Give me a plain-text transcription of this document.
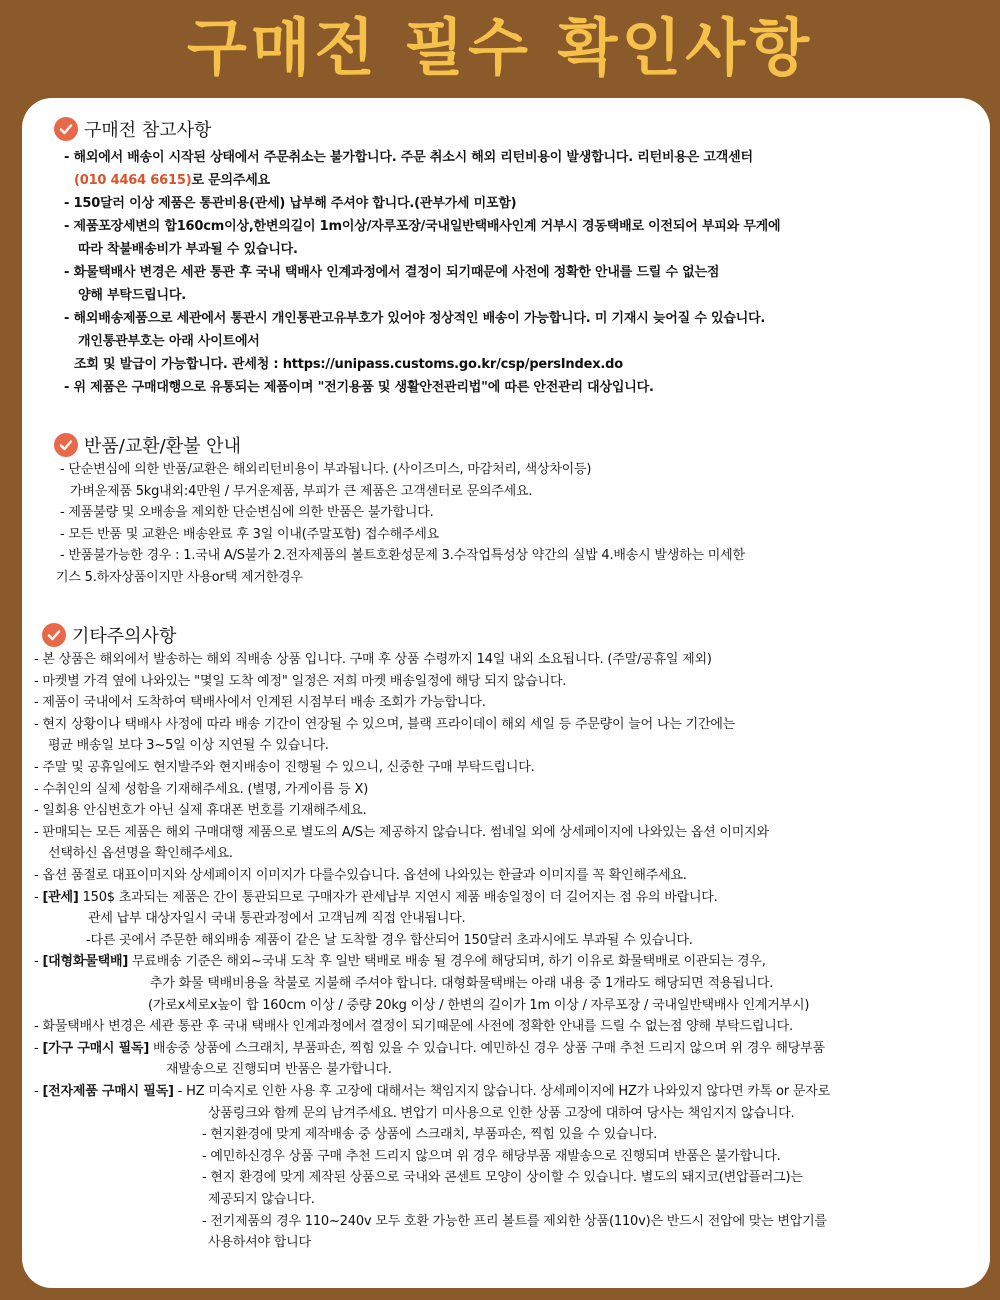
구매전 필수 확인사항
구매전 참고사항
- 해외에서 배송이 시작된 상태에서 주문취소는 불가합니다. 주문 취소시 해외 리턴비용이 발생합니다. 리턴비용은 고객센터
(010 4464 6615)로 문의주세요
- 150달러 이상 제품은 통관비용(관세) 납부해 주셔야 합니다.(관부가세 미포함)
- 제품포장세변의 합160cm이상,한변의길이 1m이상/자루포장/국내일반택배사인계 거부시 경동택배로 이전되어 부피와 무게에
따라 착불배송비가 부과될 수 있습니다.
- 화물택배사 변경은 세관 통관 후 국내 택배사 인계과정에서 결정이 되기때문에 사전에 정확한 안내를 드릴 수 없는점
양해 부탁드립니다.
- 해외배송제품으로 세관에서 통관시 개인통관고유부호가 있어야 정상적인 배송이 가능합니다. 미 기재시 늦어질 수 있습니다.
개인통관부호는 아래 사이트에서
조회 및 발급이 가능합니다. 관세청 : https://unipass.customs.go.kr/csp/persIndex.do
- 위 제품은 구매대행으로 유통되는 제품이며 "전기용품 및 생활안전관리법"에 따른 안전관리 대상입니다.
반품/교환/환불 안내
- 단순변심에 의한 반품/교환은 해외리턴비용이 부과됩니다. (사이즈미스, 마감처리, 색상차이등)
가벼운제품 5kg내외:4만원 / 무거운제품, 부피가 큰 제품은 고객센터로 문의주세요.
- 제품불량 및 오배송을 제외한 단순변심에 의한 반품은 불가합니다.
- 모든 반품 및 교환은 배송완료 후 3일 이내(주말포함) 접수해주세요
- 반품불가능한 경우 : 1.국내 A/S불가 2.전자제품의 볼트호환성문제 3.수작업특성상 약간의 실밥 4.배송시 발생하는 미세한
기스 5.하자상품이지만 사용or택 제거한경우
기타주의사항
- 본 상품은 해외에서 발송하는 해외 직배송 상품 입니다. 구매 후 상품 수령까지 14일 내외 소요됩니다. (주말/공휴일 제외)
- 마켓별 가격 옆에 나와있는 "몇일 도착 예정" 일정은 저희 마켓 배송일정에 해당 되지 않습니다.
- 제품이 국내에서 도착하여 택배사에서 인계된 시점부터 배송 조회가 가능합니다.
- 현지 상황이나 택배사 사정에 따라 배송 기간이 연장될 수 있으며, 블랙 프라이데이 해외 세일 등 주문량이 늘어 나는 기간에는
평균 배송일 보다 3~5일 이상 지연될 수 있습니다.
- 주말 및 공휴일에도 현지발주와 현지배송이 진행될 수 있으니, 신중한 구매 부탁드립니다.
- 수취인의 실제 성함을 기재해주세요. (별명, 가게이름 등 X)
- 일회용 안심번호가 아닌 실제 휴대폰 번호를 기재해주세요.
- 판매되는 모든 제품은 해외 구매대행 제품으로 별도의 A/S는 제공하지 않습니다. 썸네일 외에 상세페이지에 나와있는 옵션 이미지와
선택하신 옵션명을 확인해주세요.
- 옵션 품절로 대표이미지와 상세페이지 이미지가 다를수있습니다. 옵션에 나와있는 한글과 이미지를 꼭 확인해주세요.
- [관세] 150$ 초과되는 제품은 간이 통관되므로 구매자가 관세납부 지연시 제품 배송일정이 더 길어지는 점 유의 바랍니다.
관세 납부 대상자일시 국내 통관과정에서 고객님께 직접 안내됩니다.
-다른 곳에서 주문한 해외배송 제품이 같은 날 도착할 경우 합산되어 150달러 초과시에도 부과될 수 있습니다.
- [대형화물택배] 무료배송 기준은 해외~국내 도착 후 일반 택배로 배송 될 경우에 해당되며, 하기 이유로 화물택배로 이관되는 경우,
추가 화물 택배비용을 착불로 지불해 주셔야 합니다. 대형화물택배는 아래 내용 중 1개라도 해당되면 적용됩니다.
(가로x세로x높이 합 160cm 이상 / 중량 20kg 이상 / 한변의 길이가 1m 이상 / 자루포장 / 국내일반택배사 인계거부시)
- 화물택배사 변경은 세관 통관 후 국내 택배사 인계과정에서 결정이 되기때문에 사전에 정확한 안내를 드릴 수 없는점 양해 부탁드립니다.
- [가구 구매시 필독] 배송중 상품에 스크래치, 부품파손, 찍힘 있을 수 있습니다. 예민하신 경우 상품 구매 추천 드리지 않으며 위 경우 해당부품
재발송으로 진행되며 반품은 불가합니다.
- [전자제품 구매시 필독] - HZ 미숙지로 인한 사용 후 고장에 대해서는 책임지지 않습니다. 상세페이지에 HZ가 나와있지 않다면 카톡 or 문자로
상품링크와 함께 문의 남겨주세요. 변압기 미사용으로 인한 상품 고장에 대하여 당사는 책임지지 않습니다.
- 현지환경에 맞게 제작배송 중 상품에 스크래치, 부품파손, 찍힘 있을 수 있습니다.
- 예민하신경우 상품 구매 추천 드리지 않으며 위 경우 해당부품 재발송으로 진행되며 반품은 불가합니다.
- 현지 환경에 맞게 제작된 상품으로 국내와 콘센트 모양이 상이할 수 있습니다. 별도의 돼지코(변압플러그)는
제공되지 않습니다.
- 전기제품의 경우 110~240v 모두 호환 가능한 프리 볼트를 제외한 상품(110v)은 반드시 전압에 맞는 변압기를
사용하셔야 합니다
